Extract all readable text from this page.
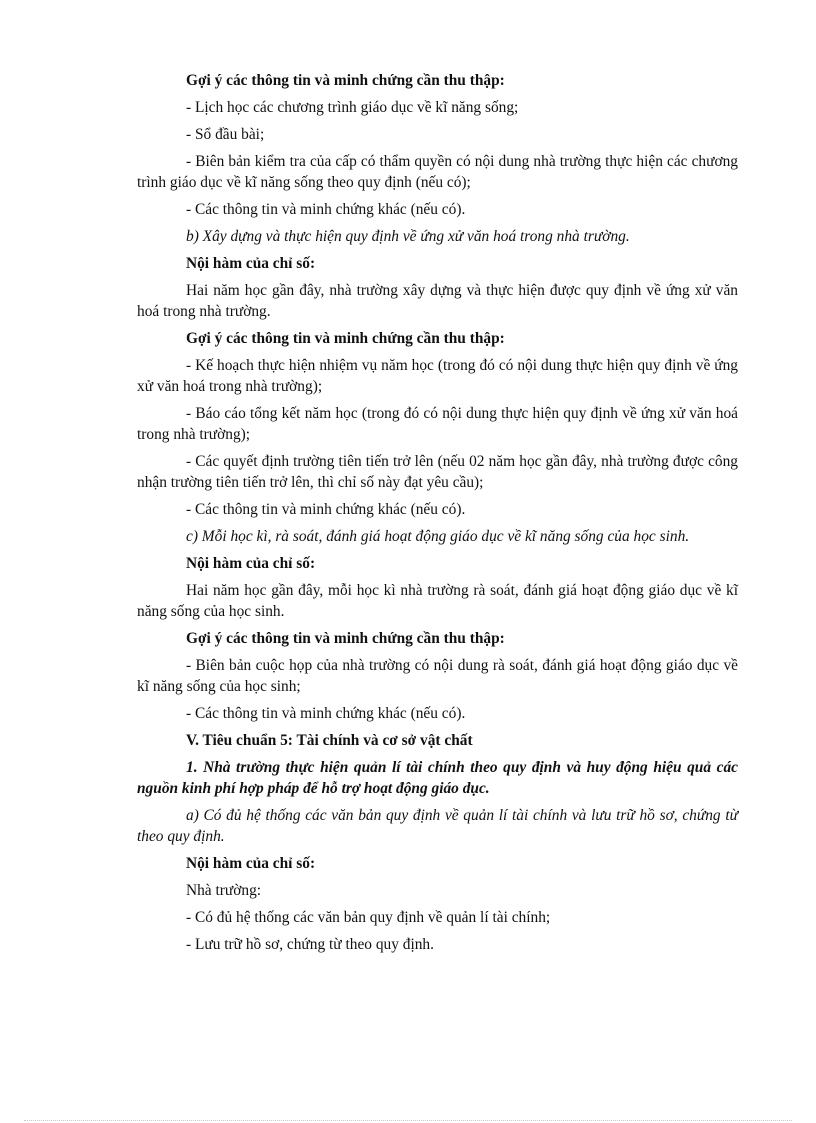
Gợi ý các thông tin và minh chứng cần thu thập:

- Lịch học các chương trình giáo dục về kĩ năng sống;

- Sổ đầu bài;

- Biên bản kiểm tra của cấp có thẩm quyền có nội dung nhà trường thực hiện các chương trình giáo dục về kĩ năng sống theo quy định (nếu có);

- Các thông tin và minh chứng khác (nếu có).

b) Xây dựng và thực hiện quy định về ứng xử văn hoá trong nhà trường.

Nội hàm của chỉ số:

Hai năm học gần đây, nhà trường xây dựng và thực hiện được quy định về ứng xử văn hoá trong nhà trường.

Gợi ý các thông tin và minh chứng cần thu thập:

- Kế hoạch thực hiện nhiệm vụ năm học (trong đó có nội dung thực hiện quy định về ứng xử văn hoá trong nhà trường);

- Báo cáo tổng kết năm học (trong đó có nội dung thực hiện quy định về ứng xử văn hoá trong nhà trường);

- Các quyết định trường tiên tiến trở lên (nếu 02 năm học gần đây, nhà trường được công nhận trường tiên tiến trở lên, thì chỉ số này đạt yêu cầu);

- Các thông tin và minh chứng khác (nếu có).

c) Mỗi học kì, rà soát, đánh giá hoạt động giáo dục về kĩ năng sống của học sinh.

Nội hàm của chỉ số:

Hai năm học gần đây, mỗi học kì nhà trường rà soát, đánh giá hoạt động giáo dục về kĩ năng sống của học sinh.

Gợi ý các thông tin và minh chứng cần thu thập:

- Biên bản cuộc họp của nhà trường có nội dung rà soát, đánh giá hoạt động giáo dục về kĩ năng sống của học sinh;

- Các thông tin và minh chứng khác (nếu có).

V. Tiêu chuẩn 5: Tài chính và cơ sở vật chất

1. Nhà trường thực hiện quản lí tài chính theo quy định và huy động hiệu quả các nguồn kinh phí hợp pháp để hỗ trợ hoạt động giáo dục.

a) Có đủ hệ thống các văn bản quy định về quản lí tài chính và lưu trữ hồ sơ, chứng từ theo quy định.

Nội hàm của chỉ số:

Nhà trường:

- Có đủ hệ thống các văn bản quy định về quản lí tài chính;

- Lưu trữ hồ sơ, chứng từ theo quy định.
